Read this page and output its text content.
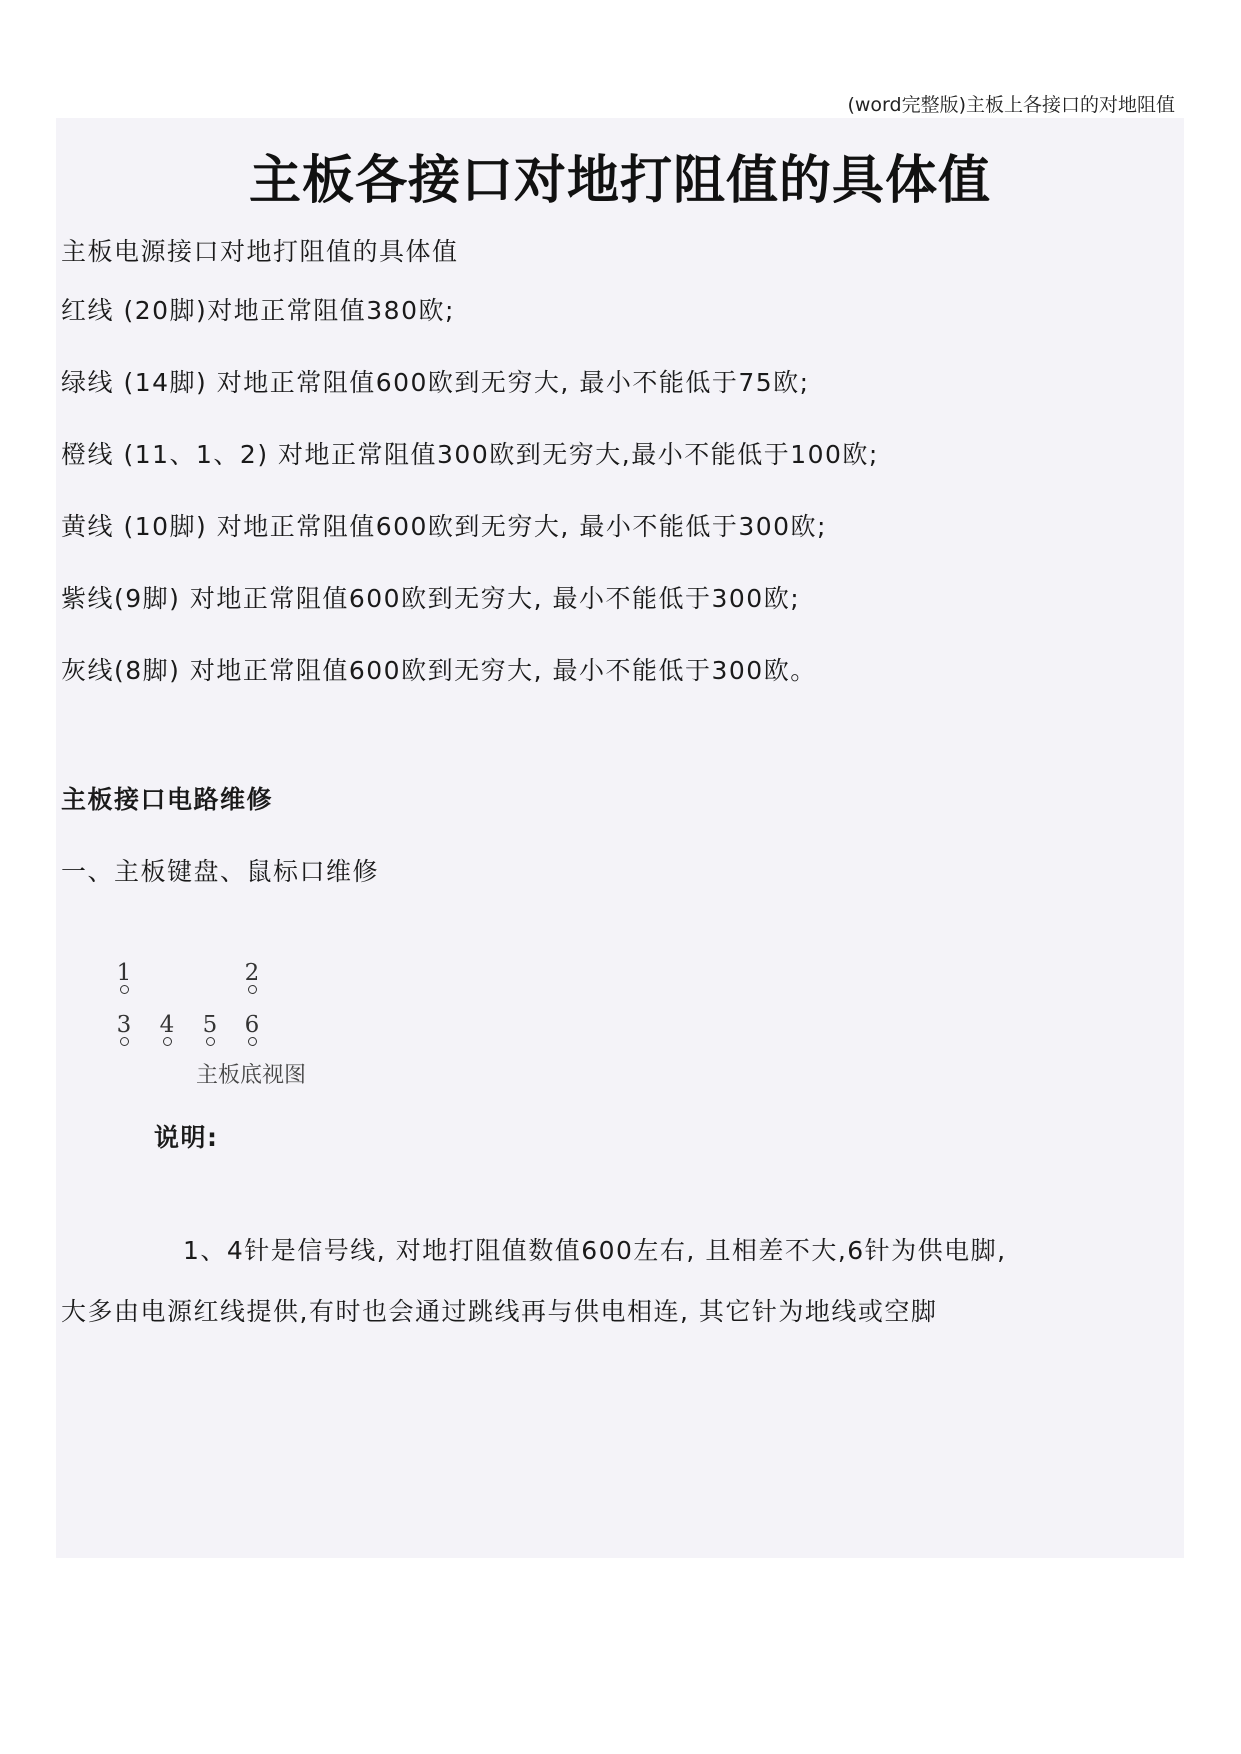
(word完整版)主板上各接口的对地阻值
主板各接口对地打阻值的具体值
主板电源接口对地打阻值的具体值
红线 (20脚)对地正常阻值380欧;
绿线 (14脚) 对地正常阻值600欧到无穷大, 最小不能低于75欧;
橙线 (11、1、2) 对地正常阻值300欧到无穷大,最小不能低于100欧;
黄线 (10脚) 对地正常阻值600欧到无穷大, 最小不能低于300欧;
紫线(9脚) 对地正常阻值600欧到无穷大, 最小不能低于300欧;
灰线(8脚) 对地正常阻值600欧到无穷大, 最小不能低于300欧。
主板接口电路维修
一、主板键盘、鼠标口维修
说明:
1、4针是信号线, 对地打阻值数值600左右, 且相差不大,6针为供电脚,
大多由电源红线提供,有时也会通过跳线再与供电相连, 其它针为地线或空脚
1	2
3 4 5 6
主板底视图
